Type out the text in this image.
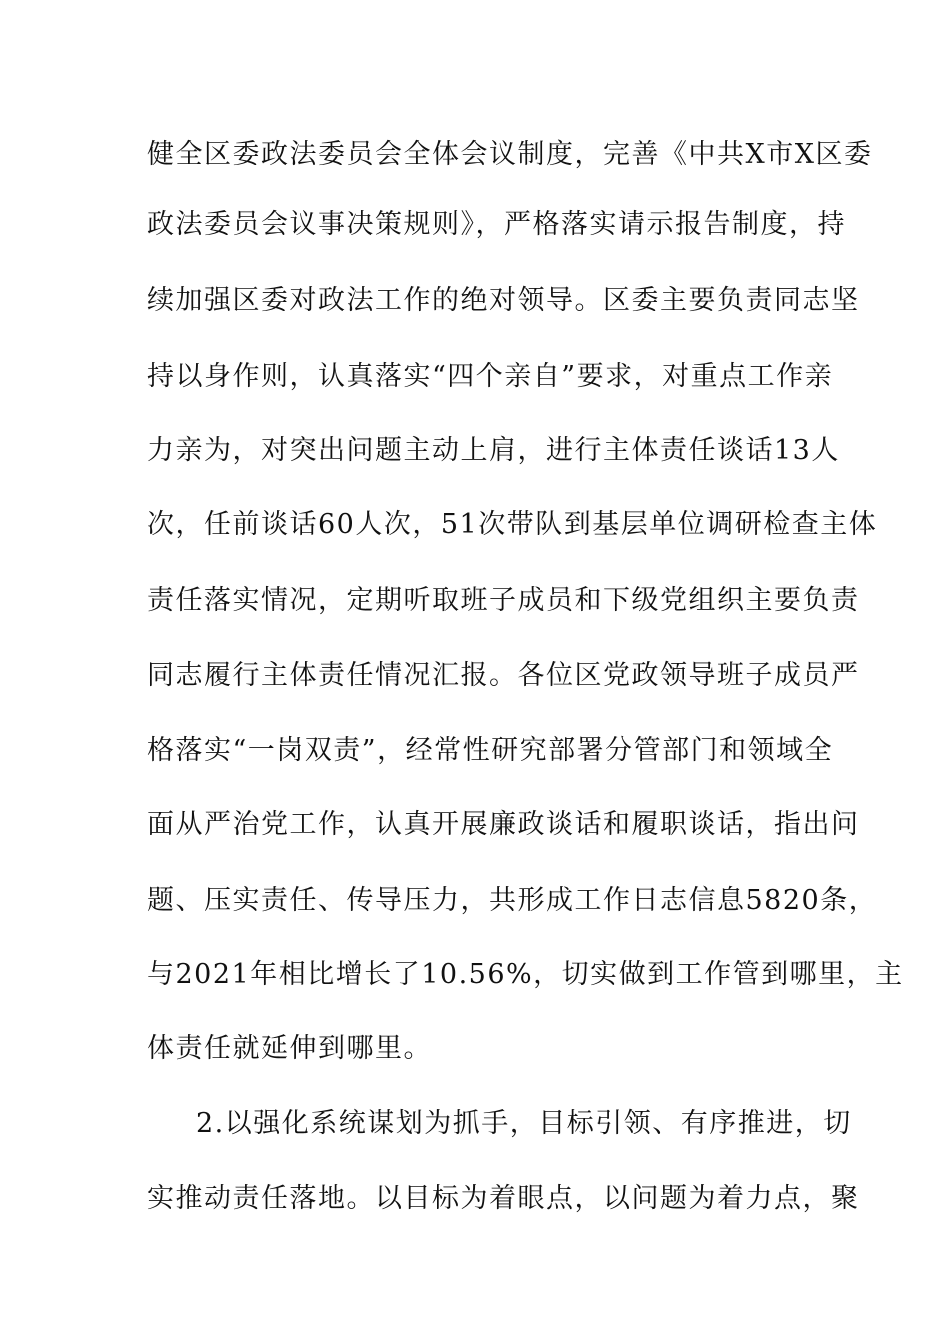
健全区委政法委员会全体会议制度，完善《中共X市X区委
政法委员会议事决策规则》，严格落实请示报告制度，持
续加强区委对政法工作的绝对领导。区委主要负责同志坚
持以身作则，认真落实“四个亲自”要求，对重点工作亲
力亲为，对突出问题主动上肩，进行主体责任谈话13人
次，任前谈话60人次，51次带队到基层单位调研检查主体
责任落实情况，定期听取班子成员和下级党组织主要负责
同志履行主体责任情况汇报。各位区党政领导班子成员严
格落实“一岗双责”，经常性研究部署分管部门和领域全
面从严治党工作，认真开展廉政谈话和履职谈话，指出问
题、压实责任、传导压力，共形成工作日志信息5820条，
与2021年相比增长了10.56%，切实做到工作管到哪里，主
体责任就延伸到哪里。
2.以强化系统谋划为抓手，目标引领、有序推进，切
实推动责任落地。以目标为着眼点，以问题为着力点，聚
